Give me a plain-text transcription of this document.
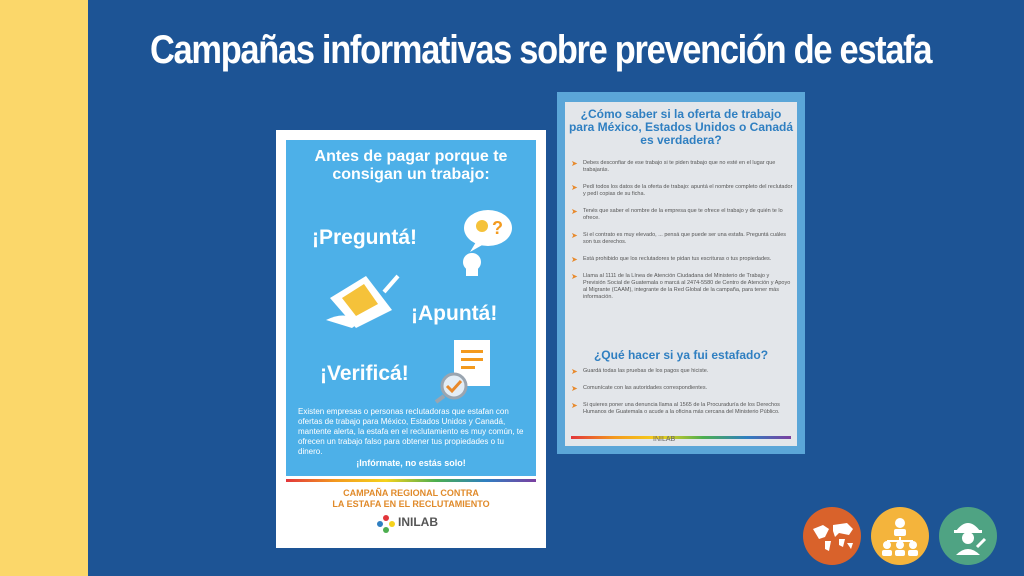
Campañas informativas sobre prevención de estafa
Antes de pagar porque te consigan un trabajo:
¡Preguntá!	?
¡Apuntá!
¡Verificá!
Existen empresas o personas reclutadoras que estafan con ofertas de trabajo para México, Estados Unidos y Canadá, mantente alerta, la estafa en el reclutamiento es muy común, te ofrecen un trabajo falso para obtener tus propiedades o tu dinero.
¡Infórmate, no estás solo!
CAMPAÑA REGIONAL CONTRA
LA ESTAFA EN EL RECLUTAMIENTO
INILAB
¿Cómo saber si la oferta de trabajo
para México, Estados Unidos o Canadá
es verdadera?
➤ Debes desconfiar de ese trabajo si te piden trabajo que no esté en el lugar que trabajarás.
➤ Pedí todos los datos de la oferta de trabajo: apuntá el nombre completo del reclutador y pedí copias de su ficha.
➤ Tenés que saber el nombre de la empresa que te ofrece el trabajo y de quién te lo ofrece.
➤ Si el contrato es muy elevado, ... pensá que puede ser una estafa. Preguntá cuáles son tus derechos.
➤ Está prohibido que los reclutadores te pidan tus escrituras o tus propiedades.
➤ Llama al 1111 de la Línea de Atención Ciudadana del Ministerio de Trabajo y Previsión Social de Guatemala o marcá al 2474-5580 de Centro de Atención y Apoyo al Migrante (CAAM), integrante de la Red Global de la campaña, para tener más información.
¿Qué hacer si ya fui estafado?
➤ Guardá todas las pruebas de los pagos que hiciste.
➤ Comunícate con las autoridades correspondientes.
➤ Si quieres poner una denuncia llama al 1565 de la Procuraduría de los Derechos Humanos de Guatemala o acude a la oficina más cercana del Ministerio Público.
INILAB
